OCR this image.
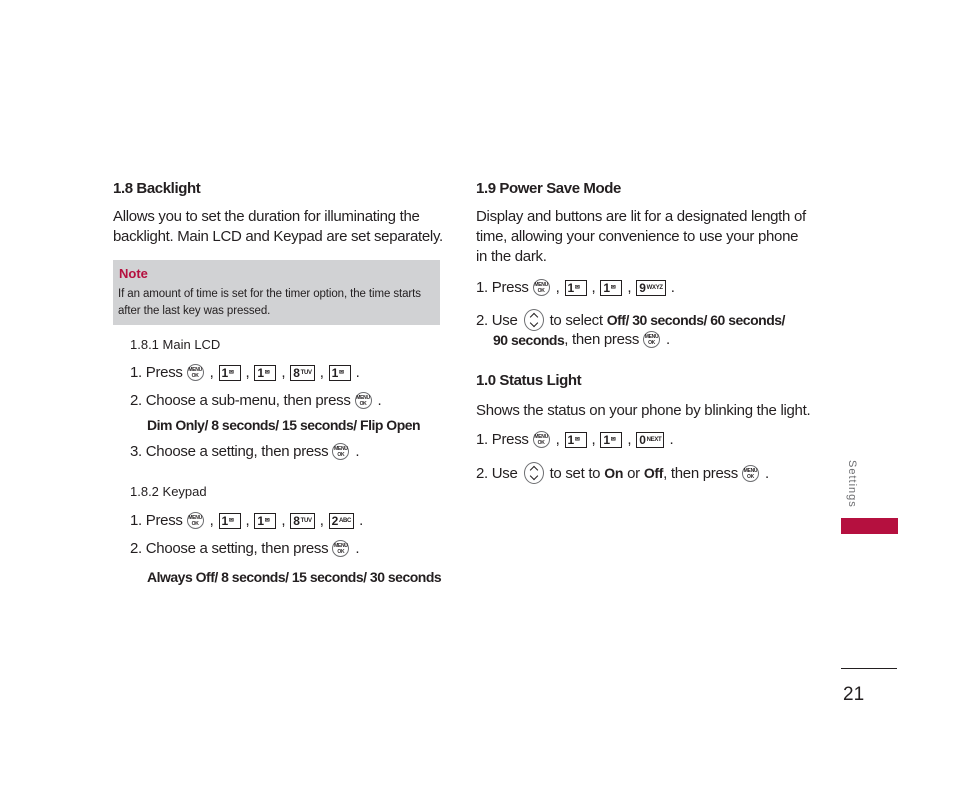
1.8 Backlight

Allows you to set the duration for illuminating the backlight. Main LCD and Keypad are set separately.

Note
If an amount of time is set for the timer option, the time starts after the last key was pressed.
1.8.1 Main LCD
1. Press	MENU
OK , 1 ✉ , 1 ✉ , 8 TUV , 1 ✉ .
2. Choose a sub-menu, then press	MENU
OK .
Dim Only/ 8 seconds/ 15 seconds/ Flip Open
3. Choose a setting, then press	MENU
OK .
1.8.2 Keypad
1. Press	MENU
OK , 1 ✉ , 1 ✉ , 8 TUV , 2 ABC .
2. Choose a setting, then press	MENU
OK .
Always Off/ 8 seconds/ 15 seconds/ 30 seconds
1.9 Power Save Mode

Display and buttons are lit for a designated length of time, allowing your convenience to use your phone in the dark.

1. Press	MENU
OK , 1 ✉ , 1 ✉ , 9 WXYZ .
2. Use to select Off/ 30 seconds/ 60 seconds/
90 seconds , then press	MENU
OK .
1.0 Status Light

Shows the status on your phone by blinking the light.

1. Press	MENU
OK , 1 ✉ , 1 ✉ , 0 NEXT .
2. Use to set to On or Off , then press	MENU
OK .	Settings
21
